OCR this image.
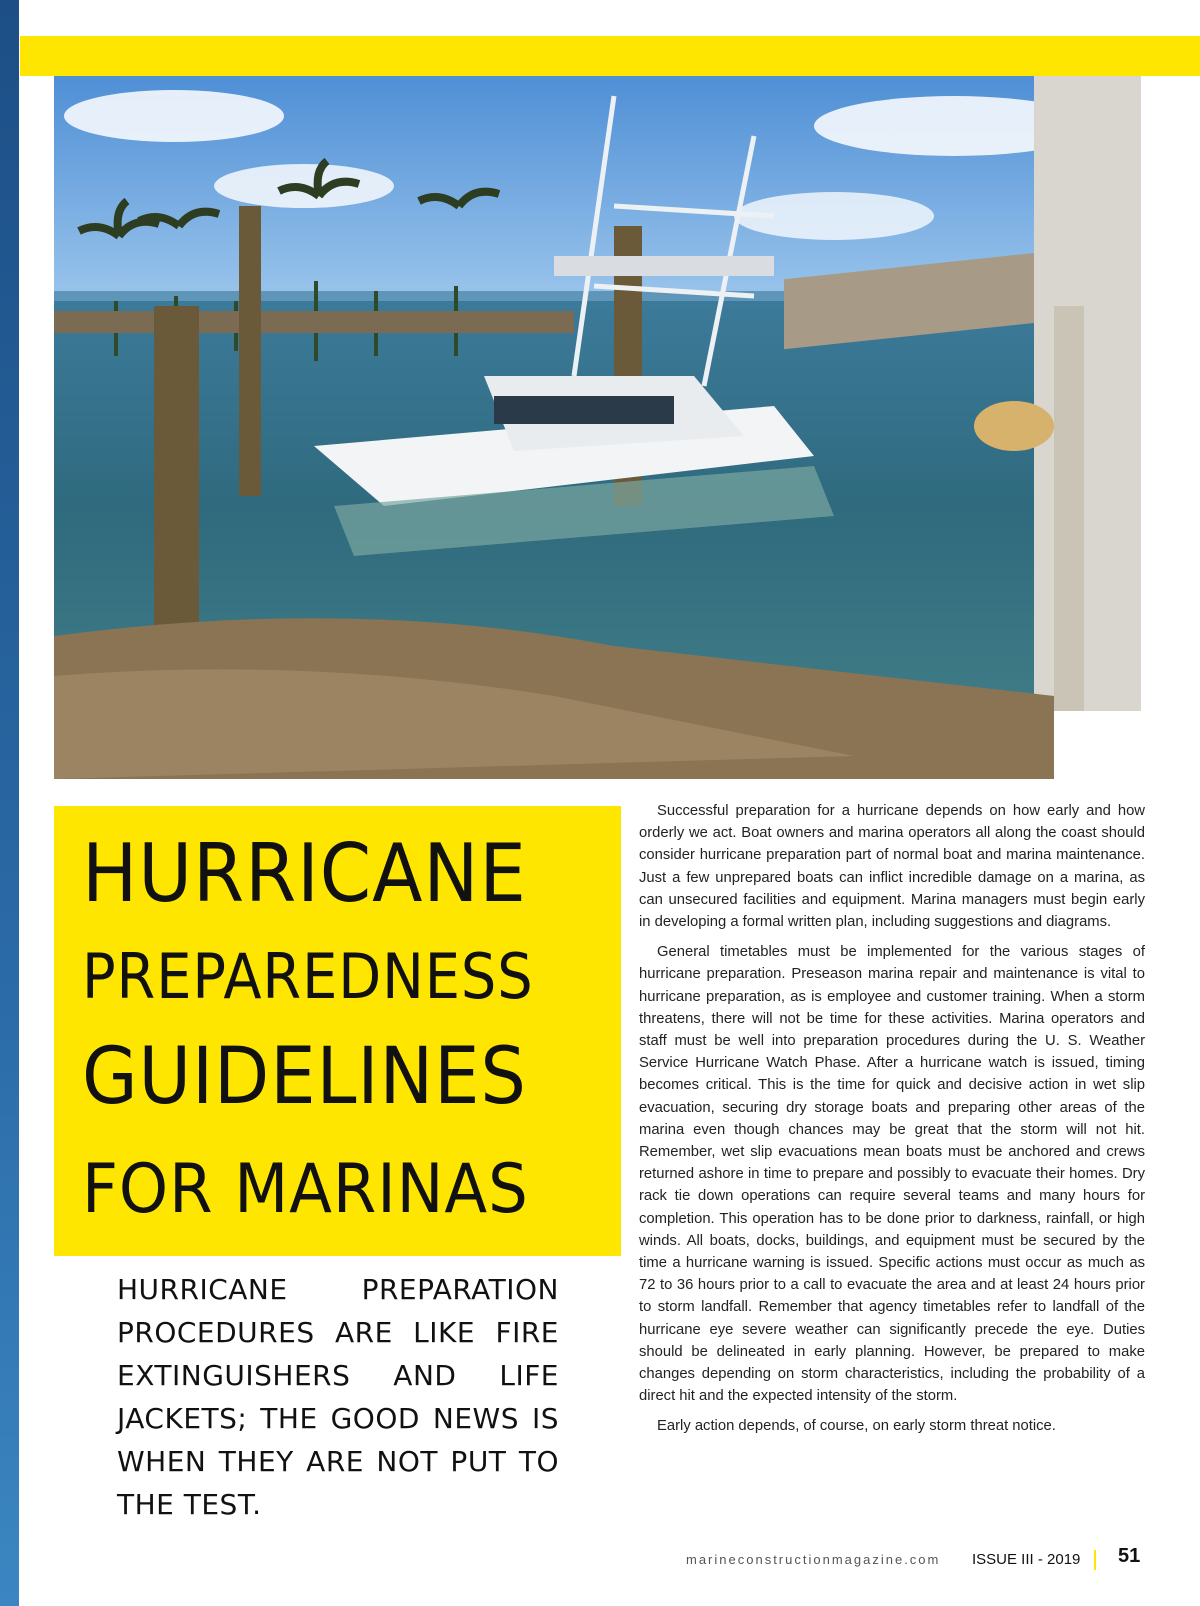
HURRICANE
PREPAREDNESS
GUIDELINES
FOR MARINAS
HURRICANE PREPARATION PROCEDURES ARE LIKE FIRE EXTINGUISHERS AND LIFE JACKETS; THE GOOD NEWS IS WHEN THEY ARE NOT PUT TO THE TEST.

Successful preparation for a hurricane depends on how early and how orderly we act. Boat owners and marina operators all along the coast should consider hurricane preparation part of normal boat and marina maintenance. Just a few unprepared boats can inflict incredible damage on a marina, as can unsecured facilities and equipment. Marina managers must begin early in developing a formal written plan, including suggestions and diagrams.

General timetables must be implemented for the various stages of hurricane preparation. Preseason marina repair and maintenance is vital to hurricane preparation, as is employee and customer training. When a storm threatens, there will not be time for these activities. Marina operators and staff must be well into preparation procedures during the U. S. Weather Service Hurricane Watch Phase. After a hurricane watch is issued, timing becomes critical. This is the time for quick and decisive action in wet slip evacuation, securing dry storage boats and preparing other areas of the marina even though chances may be great that the storm will not hit. Remember, wet slip evacuations mean boats must be anchored and crews returned ashore in time to prepare and possibly to evacuate their homes. Dry rack tie down operations can require several teams and many hours for completion. This operation has to be done prior to darkness, rainfall, or high winds. All boats, docks, buildings, and equipment must be secured by the time a hurricane warning is issued. Specific actions must occur as much as 72 to 36 hours prior to a call to evacuate the area and at least 24 hours prior to storm landfall. Remember that agency timetables refer to landfall of the hurricane eye severe weather can significantly precede the eye. Duties should be delineated in early planning. However, be prepared to make changes depending on storm characteristics, including the probability of a direct hit and the expected intensity of the storm.

Early action depends, of course, on early storm threat notice.

marineconstructionmagazine.com ISSUE III - 2019 51
